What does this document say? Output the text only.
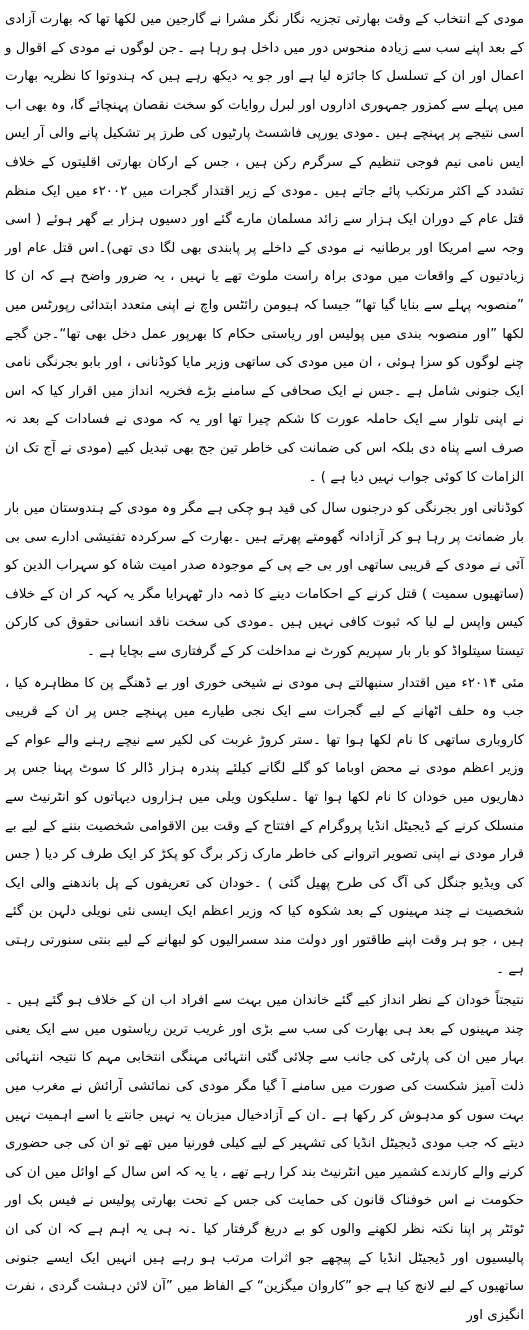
مودی کے انتخاب کے وقت بھارتی تجزیہ نگار نگر مشرا نے گارجین میں لکھا تھا کہ بھارت آزادی کے بعد اپنے سب سے زیادہ منحوس دور میں داخل ہو رہا ہے ۔جن لوگوں نے مودی کے اقوال و اعمال اور ان کے تسلسل کا جائزہ لیا ہے اور جو یہ دیکھ رہے ہیں کہ ہندوتوا کا نظریہ بھارت میں پہلے سے کمزور جمہوری اداروں اور لبرل روایات کو سخت نقصان پہنچائے گا، وہ بھی اب اسی نتیجے پر پہنچے ہیں ۔مودی یورپی فاشسٹ پارٹیوں کی طرز پر تشکیل پانے والی آر ایس ایس نامی نیم فوجی تنظیم کے سرگرم رکن ہیں ، جس کے ارکان بھارتی اقلیتوں کے خلاف تشدد کے اکثر مرتکب پائے جاتے ہیں ۔مودی کے زیر اقتدار گجرات میں ۲۰۰۲ء میں ایک منظم قتل عام کے دوران ایک ہزار سے زائد مسلمان مارے گئے اور دسیوں ہزار بے گھر ہوئے ( اسی وجہ سے امریکا اور برطانیہ نے مودی کے داخلے پر پابندی بھی لگا دی تھی)۔اس قتل عام اور زیادتیوں کے واقعات میں مودی براہ راست ملوث تھے یا نہیں ، یہ ضرور واضح ہے کہ ان کا ”منصوبہ پہلے سے بنایا گیا تھا“ جیسا کہ ہیومن رائٹس واچ نے اپنی متعدد ابتدائی رپورٹس میں لکھا ”اور منصوبہ بندی میں پولیس اور ریاستی حکام کا بھرپور عمل دخل بھی تھا“۔جن گجے چنے لوگوں کو سزا ہوئی ، ان میں مودی کی ساتھی وزیر مایا کوڈنانی ، اور بابو بجرنگی نامی ایک جنونی شامل ہے ۔جس نے ایک صحافی کے سامنے بڑے فخریہ انداز میں اقرار کیا کہ اس نے اپنی تلوار سے ایک حاملہ عورت کا شکم چیرا تھا اور یہ کہ مودی نے فسادات کے بعد نہ صرف اسے پناہ دی بلکہ اس کی ضمانت کی خاطر تین جج بھی تبدیل کیے (مودی نے آج تک ان الزامات کا کوئی جواب نہیں دیا ہے ) ۔

کوڈنانی اور بجرنگی کو درجنوں سال کی قید ہو چکی ہے مگر وہ مودی کے ہندوستان میں بار بار ضمانت پر رہا ہو کر آزادانہ گھومتے پھرتے ہیں ۔بھارت کے سرکردہ تفتیشی ادارے سی بی آئی نے مودی کے قریبی ساتھی اور بی جے پی کے موجودہ صدر امیت شاہ کو سہراب الدین کو (ساتھیوں سمیت ) قتل کرنے کے احکامات دینے کا ذمہ دار ٹھہرایا مگر یہ کہہ کر ان کے خلاف کیس واپس لے لیا کہ ثبوت کافی نہیں ہیں ۔مودی کی سخت ناقد انسانی حقوق کی کارکن تیستا سیتلواڈ کو بار بار سپریم کورٹ نے مداخلت کر کے گرفتاری سے بچایا ہے ۔

مئی ۲۰۱۴ء میں اقتدار سنبھالتے ہی مودی نے شیخی خوری اور بے ڈھنگے پن کا مظاہرہ کیا ، جب وہ حلف اٹھانے کے لیے گجرات سے ایک نجی طیارے میں پہنچے جس پر ان کے قریبی کاروباری ساتھی کا نام لکھا ہوا تھا ۔ستر کروڑ غربت کی لکیر سے نیچے رہنے والے عوام کے وزیر اعظم مودی نے محض اوباما کو گلے لگانے کیلئے پندرہ ہزار ڈالر کا سوٹ پہنا جس پر دھاریوں میں خودان کا نام لکھا ہوا تھا ۔سلیکون ویلی میں ہزاروں دیہاتوں کو انٹرنیٹ سے منسلک کرنے کے ڈیجیٹل انڈیا پروگرام کے افتتاح کے وقت بین الاقوامی شخصیت بننے کے لیے بے قرار مودی نے اپنی تصویر اتروانے کی خاطر مارک زکر برگ کو پکڑ کر ایک طرف کر دیا ( جس کی ویڈیو جنگل کی آگ کی طرح پھیل گئی ) ۔خودان کی تعریفوں کے پل باندھنے والی ایک شخصیت نے چند مہینوں کے بعد شکوہ کیا کہ وزیر اعظم ایک ایسی نئی نویلی دلہن بن گئے ہیں ، جو ہر وقت اپنے طاقتور اور دولت مند سسرالیوں کو لبھانے کے لیے بنتی سنورتی رہتی ہے ۔

نتیجتاً خودان کے نظر انداز کیے گئے خاندان میں بہت سے افراد اب ان کے خلاف ہو گئے ہیں ۔چند مہینوں کے بعد ہی بھارت کی سب سے بڑی اور غریب ترین ریاستوں میں سے ایک یعنی بہار میں ان کی پارٹی کی جانب سے چلائی گئی انتہائی مہنگی انتخابی مہم کا نتیجہ انتہائی ذلت آمیز شکست کی صورت میں سامنے آ گیا مگر مودی کی نمائشی آرائش نے مغرب میں بہت سوں کو مدہوش کر رکھا ہے ۔ان کے آزادخیال میزبان یہ نہیں جانتے یا اسے اہمیت نہیں دیتے کہ جب مودی ڈیجیٹل انڈیا کی تشہیر کے لیے کیلی فورنیا میں تھے تو ان کی جی حضوری کرنے والے کارندے کشمیر میں انٹرنیٹ بند کرا رہے تھے ، یا یہ کہ اس سال کے اوائل میں ان کی حکومت نے اس خوفناک قانون کی حمایت کی جس کے تحت بھارتی پولیس نے فیس بک اور ٹوئٹر پر اپنا نکتہ نظر لکھنے والوں کو بے دریغ گرفتار کیا ۔نہ ہی یہ اہم ہے کہ ان کی ان پالیسیوں اور ڈیجیٹل انڈیا کے پیچھے جو اثرات مرتب ہو رہے ہیں انہیں ایک ایسے جنونی ساتھیوں کے لیے لانچ کیا ہے جو ”کاروان میگزین“ کے الفاظ میں ”آن لائن دہشت گردی ، نفرت انگیزی اور
